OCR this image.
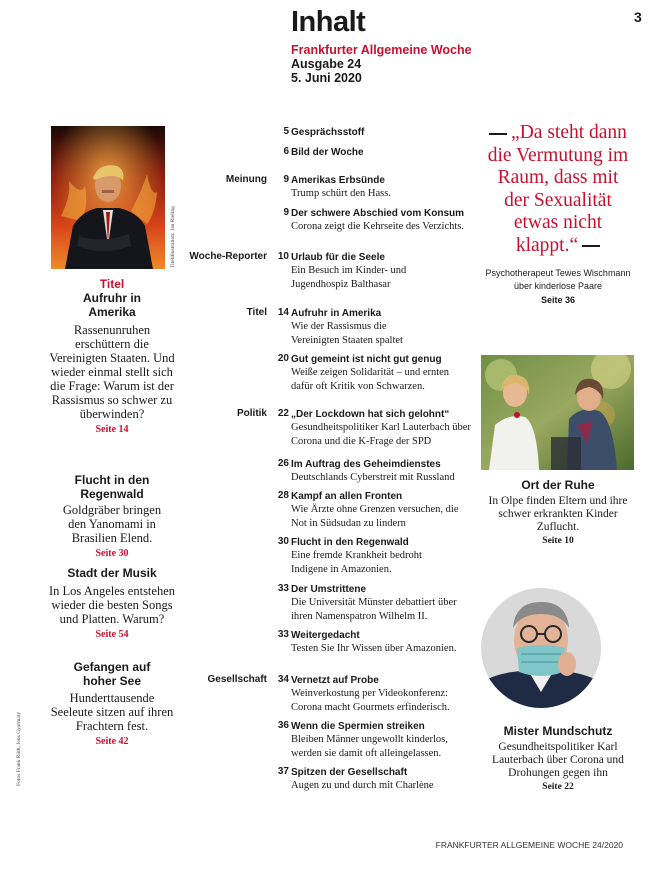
Inhalt
Frankfurter Allgemeine Woche
Ausgabe 24
5. Juni 2020
3
Titelillustration: Jan Rieling
Titel
Aufruhr in Amerika
Rassenunruhen erschüttern die Vereinigten Staaten. Und wieder einmal stellt sich die Frage: Warum ist der Rassismus so schwer zu überwinden?
Seite 14
Flucht in den Regenwald
Goldgräber bringen den Yanomami in Brasilien Elend.
Seite 30
Stadt der Musik
In Los Angeles entstehen wieder die besten Songs und Platten. Warum?
Seite 54
Gefangen auf hoher See
Hunderttausende Seeleute sitzen auf ihren Frachtern fest.
Seite 42
Fotos Frank Röth, Jens Gyarmaty
Meinung
Woche-Reporter
Titel
Politik
Gesellschaft
5 Gesprächsstoff
6 Bild der Woche
9 Amerikas Erbsünde
Trump schürt den Hass.
9 Der schwere Abschied vom Konsum
Corona zeigt die Kehrseite des Verzichts.
10 Urlaub für die Seele
Ein Besuch im Kinder- und Jugendhospiz Balthasar
14 Aufruhr in Amerika
Wie der Rassismus die Vereinigten Staaten spaltet
20 Gut gemeint ist nicht gut genug
Weiße zeigen Solidarität – und ernten dafür oft Kritik von Schwarzen.
22 „Der Lockdown hat sich gelohnt“
Gesundheitspolitiker Karl Lauterbach über Corona und die K-Frage der SPD
26 Im Auftrag des Geheimdienstes
Deutschlands Cyberstreit mit Russland
28 Kampf an allen Fronten
Wie Ärzte ohne Grenzen versuchen, die Not in Südsudan zu lindern
30 Flucht in den Regenwald
Eine fremde Krankheit bedroht Indigene in Amazonien.
33 Der Umstrittene
Die Universität Münster debattiert über ihren Namenspatron Wilhelm II.
33 Weitergedacht
Testen Sie Ihr Wissen über Amazonien.
34 Vernetzt auf Probe
Weinverkostung per Videokonferenz: Corona macht Gourmets erfinderisch.
36 Wenn die Spermien streiken
Bleiben Männer ungewollt kinderlos, werden sie damit oft alleingelassen.
37 Spitzen der Gesellschaft
Augen zu und durch mit Charlène
„Da steht dann die Vermutung im Raum, dass mit der Sexualität etwas nicht klappt.“
Psychotherapeut Tewes Wischmann über kinderlose Paare
Seite 36
Ort der Ruhe
In Olpe finden Eltern und ihre schwer erkrankten Kinder Zuflucht.
Seite 10
Mister Mundschutz
Gesundheitspolitiker Karl Lauterbach über Corona und Drohungen gegen ihn
Seite 22
FRANKFURTER ALLGEMEINE WOCHE 24/2020
